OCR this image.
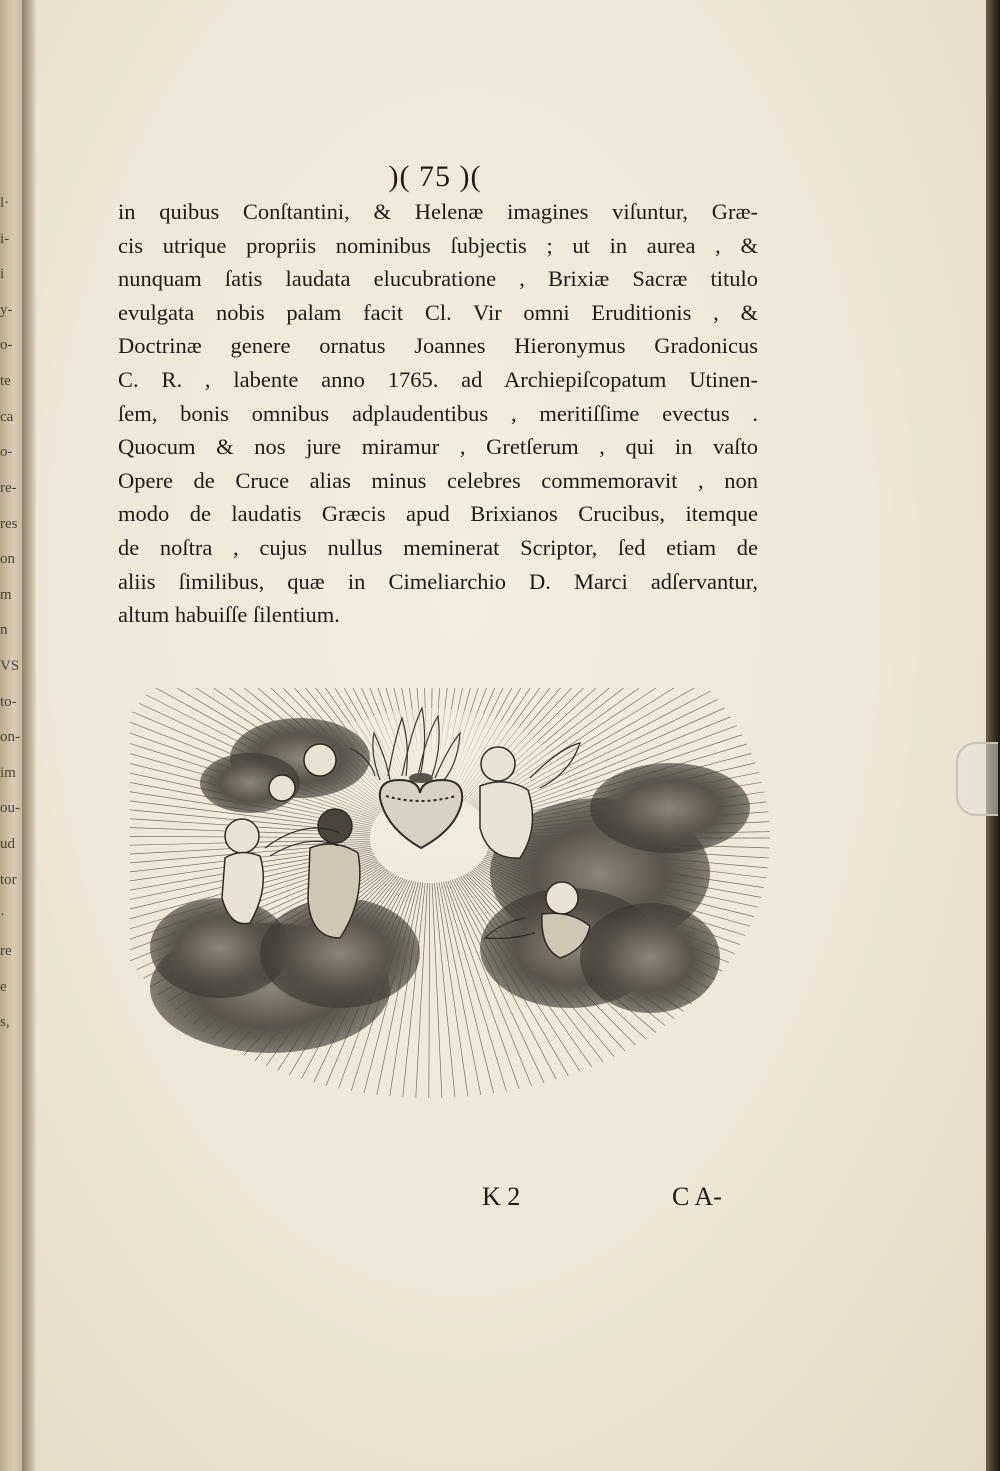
l·
i-
i
y-
o-
te
ca
o-
re-
res
on
m
n
VS
to-
on-
im
ou-
ud
tor
·
re
e
s,
)( 75 )(
in quibus Conſtantini, & Helenæ imagines viſuntur, Græ-
cis utrique propriis nominibus ſubjectis ; ut in aurea , &
nunquam ſatis laudata elucubratione , Brixiæ Sacræ titulo
evulgata nobis palam facit Cl. Vir omni Eruditionis , &
Doctrinæ genere ornatus Joannes Hieronymus Gradonicus
C. R. , labente anno 1765. ad Archiepiſcopatum Utinen-
ſem, bonis omnibus adplaudentibus , meritiſſime evectus .
Quocum & nos jure miramur , Gretſerum , qui in vaſto
Opere de Cruce alias minus celebres commemoravit , non
modo de laudatis Græcis apud Brixianos Crucibus, itemque
de noſtra , cujus nullus meminerat Scriptor, ſed etiam de
aliis ſimilibus, quæ in Cimeliarchio D. Marci adſervantur,
altum habuiſſe ſilentium.
K 2	C A-
